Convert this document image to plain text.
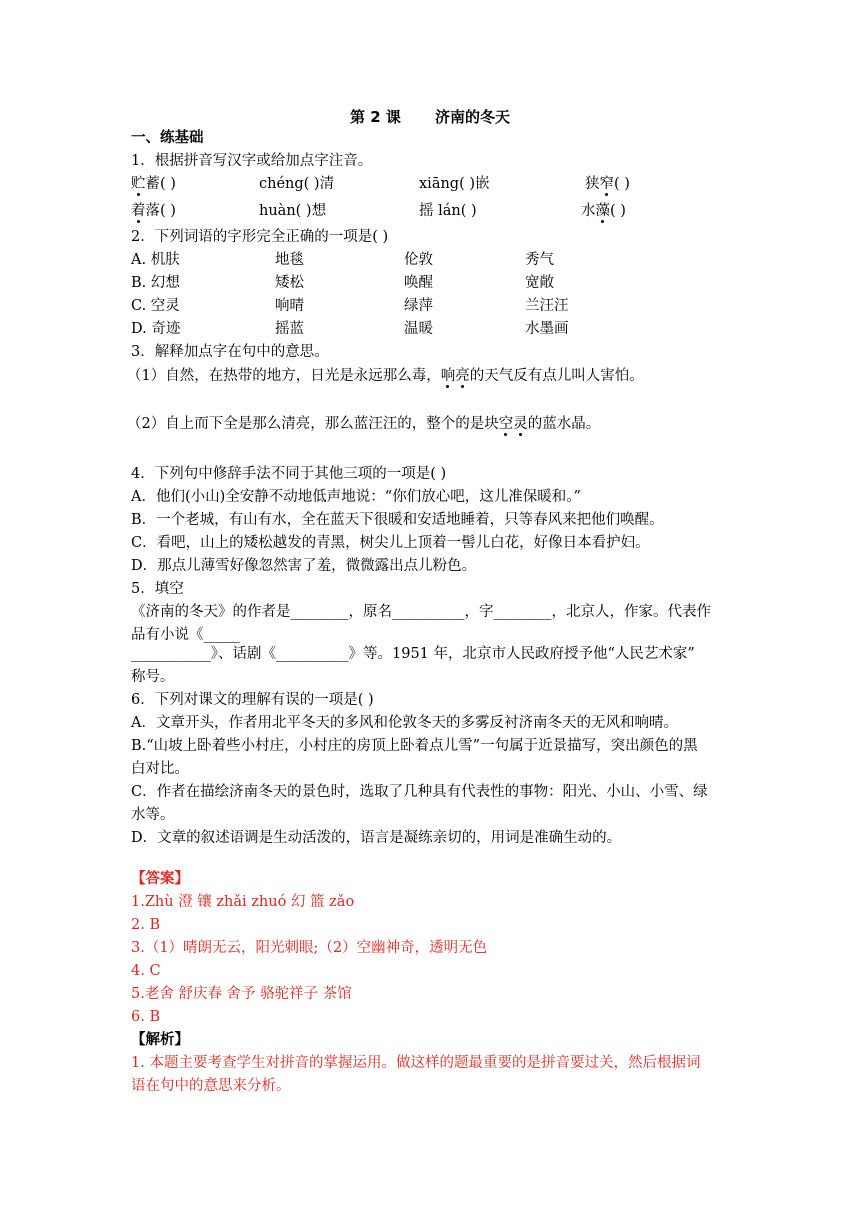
第 2 课 济南的冬天
一、练基础
1．根据拼音写汉字或给加点字注音。
贮蓄( )	chéng( )清	xiāng( )嵌	狭窄( )
着落( )	huàn( )想	摇 lán( )	水藻( )
2．下列词语的字形完全正确的一项是( )
A. 机肤	地毯	伦敦	秀气
B. 幻想	矮松	唤醒	宽敞
C. 空灵	响晴	绿萍	兰汪汪
D. 奇迹	摇蓝	温暖	水墨画
3．解释加点字在句中的意思。
（1）自然，在热带的地方，日光是永远那么毒，响亮的天气反有点儿叫人害怕。
（2）自上而下全是那么清亮，那么蓝汪汪的，整个的是块空灵的蓝水晶。
4．下列句中修辞手法不同于其他三项的一项是( )
A．他们(小山)全安静不动地低声地说：“你们放心吧，这儿准保暖和。”
B．一个老城，有山有水，全在蓝天下很暖和安适地睡着，只等春风来把他们唤醒。
C．看吧，山上的矮松越发的青黑，树尖儿上顶着一髻儿白花，好像日本看护妇。
D．那点儿薄雪好像忽然害了羞，微微露出点儿粉色。
5．填空
《济南的冬天》的作者是________，原名__________，字________，北京人，作家。代表作
品有小说《_____
___________》、话剧《__________》等。1951 年，北京市人民政府授予他“人民艺术家”
称号。
6．下列对课文的理解有误的一项是( )
A．文章开头，作者用北平冬天的多风和伦敦冬天的多雾反衬济南冬天的无风和响晴。
B.“山坡上卧着些小村庄，小村庄的房顶上卧着点儿雪”一句属于近景描写，突出颜色的黑
白对比。
C．作者在描绘济南冬天的景色时，选取了几种具有代表性的事物：阳光、小山、小雪、绿
水等。
D．文章的叙述语调是生动活泼的，语言是凝练亲切的，用词是准确生动的。
【答案】
1.Zhù 澄 镶 zhǎi zhuó 幻 篮 zǎo
2. B
3.（1）晴朗无云，阳光刺眼;（2）空幽神奇，透明无色
4. C
5.老舍 舒庆春 舍予 骆驼祥子 茶馆
6. B
【解析】
1. 本题主要考查学生对拼音的掌握运用。做这样的题最重要的是拼音要过关，然后根据词
语在句中的意思来分析。
